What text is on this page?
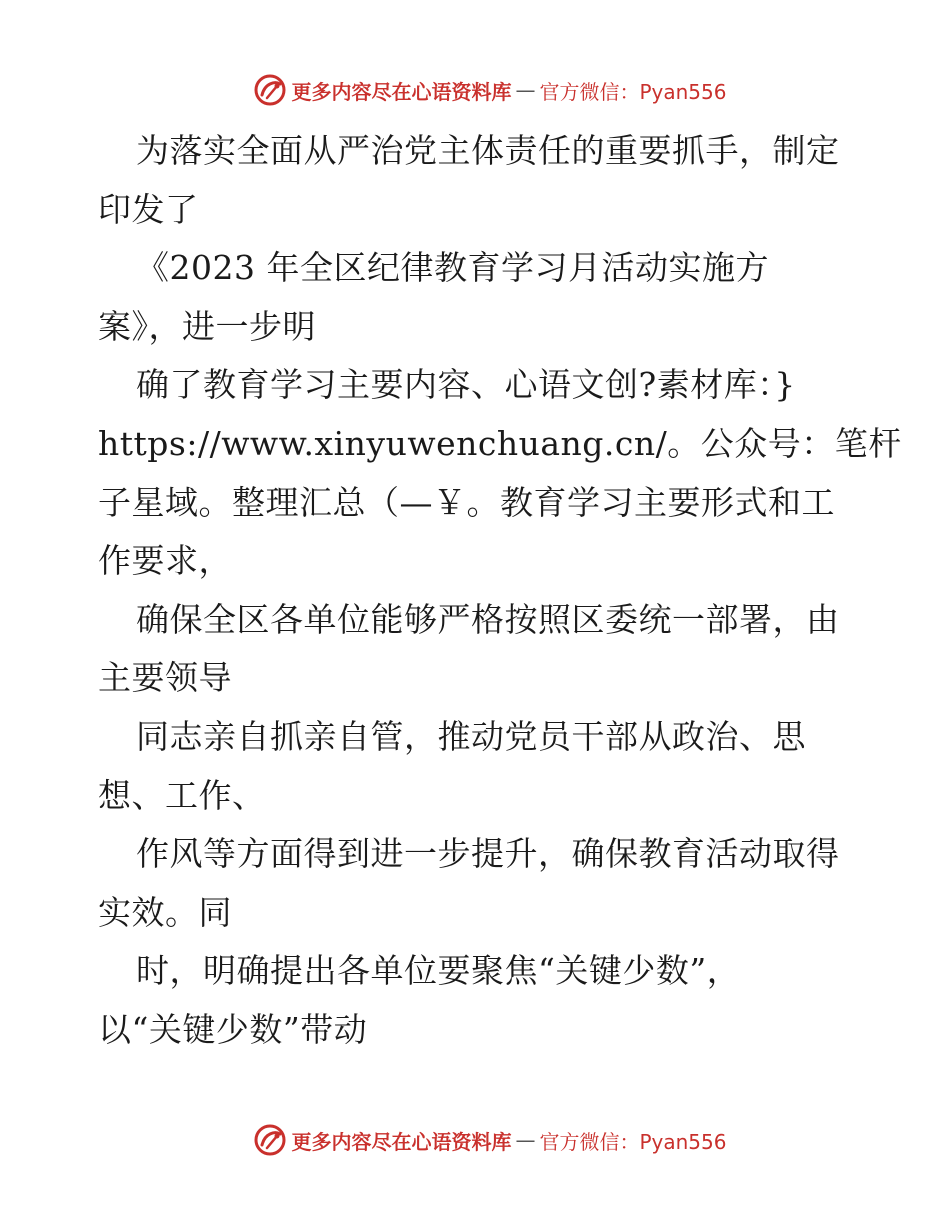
更多内容尽在心语资料库 — 官方微信：Pyan556
为落实全面从严治党主体责任的重要抓手，制定
印发了
《2023 年全区纪律教育学习月活动实施方
案》，进一步明
确了教育学习主要内容、心语文创?素材库：}
https://www.xinyuwenchuang.cn/。公众号：笔杆
子星域。整理汇总（—￥。教育学习主要形式和工
作要求，
确保全区各单位能够严格按照区委统一部署，由
主要领导
同志亲自抓亲自管，推动党员干部从政治、思
想、工作、
作风等方面得到进一步提升，确保教育活动取得
实效。同
时，明确提出各单位要聚焦“关键少数”，
以“关键少数”带动
更多内容尽在心语资料库 — 官方微信：Pyan556
